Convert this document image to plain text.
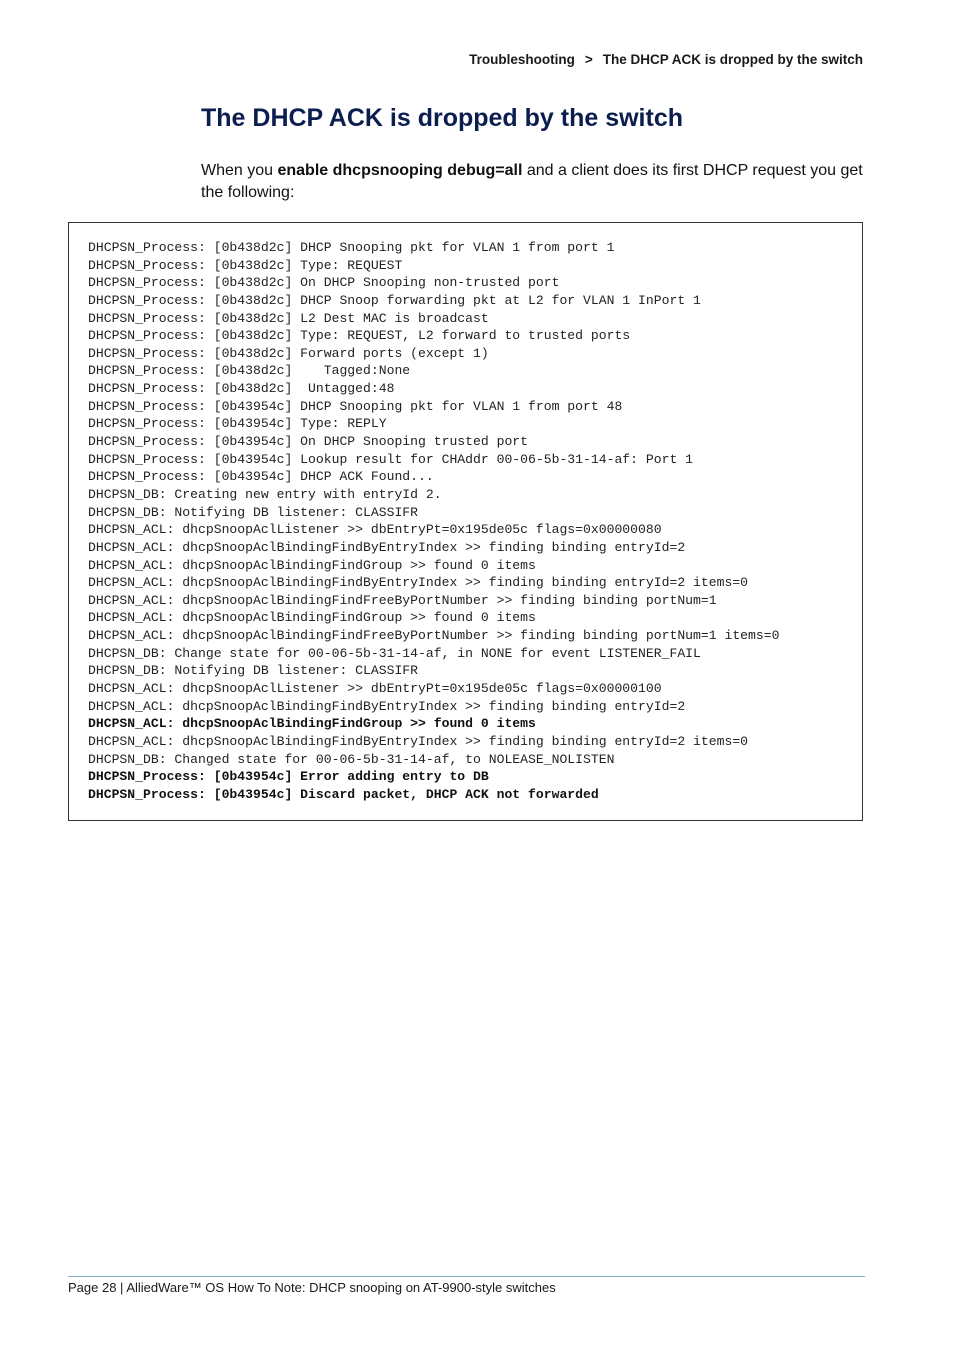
Troubleshooting > The DHCP ACK is dropped by the switch
The DHCP ACK is dropped by the switch

When you enable dhcpsnooping debug=all and a client does its first DHCP request you get the following:

DHCPSN_Process: [0b438d2c] DHCP Snooping pkt for VLAN 1 from port 1
DHCPSN_Process: [0b438d2c] Type: REQUEST
DHCPSN_Process: [0b438d2c] On DHCP Snooping non-trusted port
DHCPSN_Process: [0b438d2c] DHCP Snoop forwarding pkt at L2 for VLAN 1 InPort 1
DHCPSN_Process: [0b438d2c] L2 Dest MAC is broadcast
DHCPSN_Process: [0b438d2c] Type: REQUEST, L2 forward to trusted ports
DHCPSN_Process: [0b438d2c] Forward ports (except 1)
DHCPSN_Process: [0b438d2c]    Tagged:None
DHCPSN_Process: [0b438d2c]  Untagged:48
DHCPSN_Process: [0b43954c] DHCP Snooping pkt for VLAN 1 from port 48
DHCPSN_Process: [0b43954c] Type: REPLY
DHCPSN_Process: [0b43954c] On DHCP Snooping trusted port
DHCPSN_Process: [0b43954c] Lookup result for CHAddr 00-06-5b-31-14-af: Port 1
DHCPSN_Process: [0b43954c] DHCP ACK Found...
DHCPSN_DB: Creating new entry with entryId 2.
DHCPSN_DB: Notifying DB listener: CLASSIFR
DHCPSN_ACL: dhcpSnoopAclListener >> dbEntryPt=0x195de05c flags=0x00000080
DHCPSN_ACL: dhcpSnoopAclBindingFindByEntryIndex >> finding binding entryId=2
DHCPSN_ACL: dhcpSnoopAclBindingFindGroup >> found 0 items
DHCPSN_ACL: dhcpSnoopAclBindingFindByEntryIndex >> finding binding entryId=2 items=0
DHCPSN_ACL: dhcpSnoopAclBindingFindFreeByPortNumber >> finding binding portNum=1
DHCPSN_ACL: dhcpSnoopAclBindingFindGroup >> found 0 items
DHCPSN_ACL: dhcpSnoopAclBindingFindFreeByPortNumber >> finding binding portNum=1 items=0
DHCPSN_DB: Change state for 00-06-5b-31-14-af, in NONE for event LISTENER_FAIL
DHCPSN_DB: Notifying DB listener: CLASSIFR
DHCPSN_ACL: dhcpSnoopAclListener >> dbEntryPt=0x195de05c flags=0x00000100
DHCPSN_ACL: dhcpSnoopAclBindingFindByEntryIndex >> finding binding entryId=2
DHCPSN_ACL: dhcpSnoopAclBindingFindGroup >> found 0 items
DHCPSN_ACL: dhcpSnoopAclBindingFindByEntryIndex >> finding binding entryId=2 items=0
DHCPSN_DB: Changed state for 00-06-5b-31-14-af, to NOLEASE_NOLISTEN
DHCPSN_Process: [0b43954c] Error adding entry to DB
DHCPSN_Process: [0b43954c] Discard packet, DHCP ACK not forwarded
Page 28 | AlliedWare™ OS How To Note: DHCP snooping on AT-9900-style switches
